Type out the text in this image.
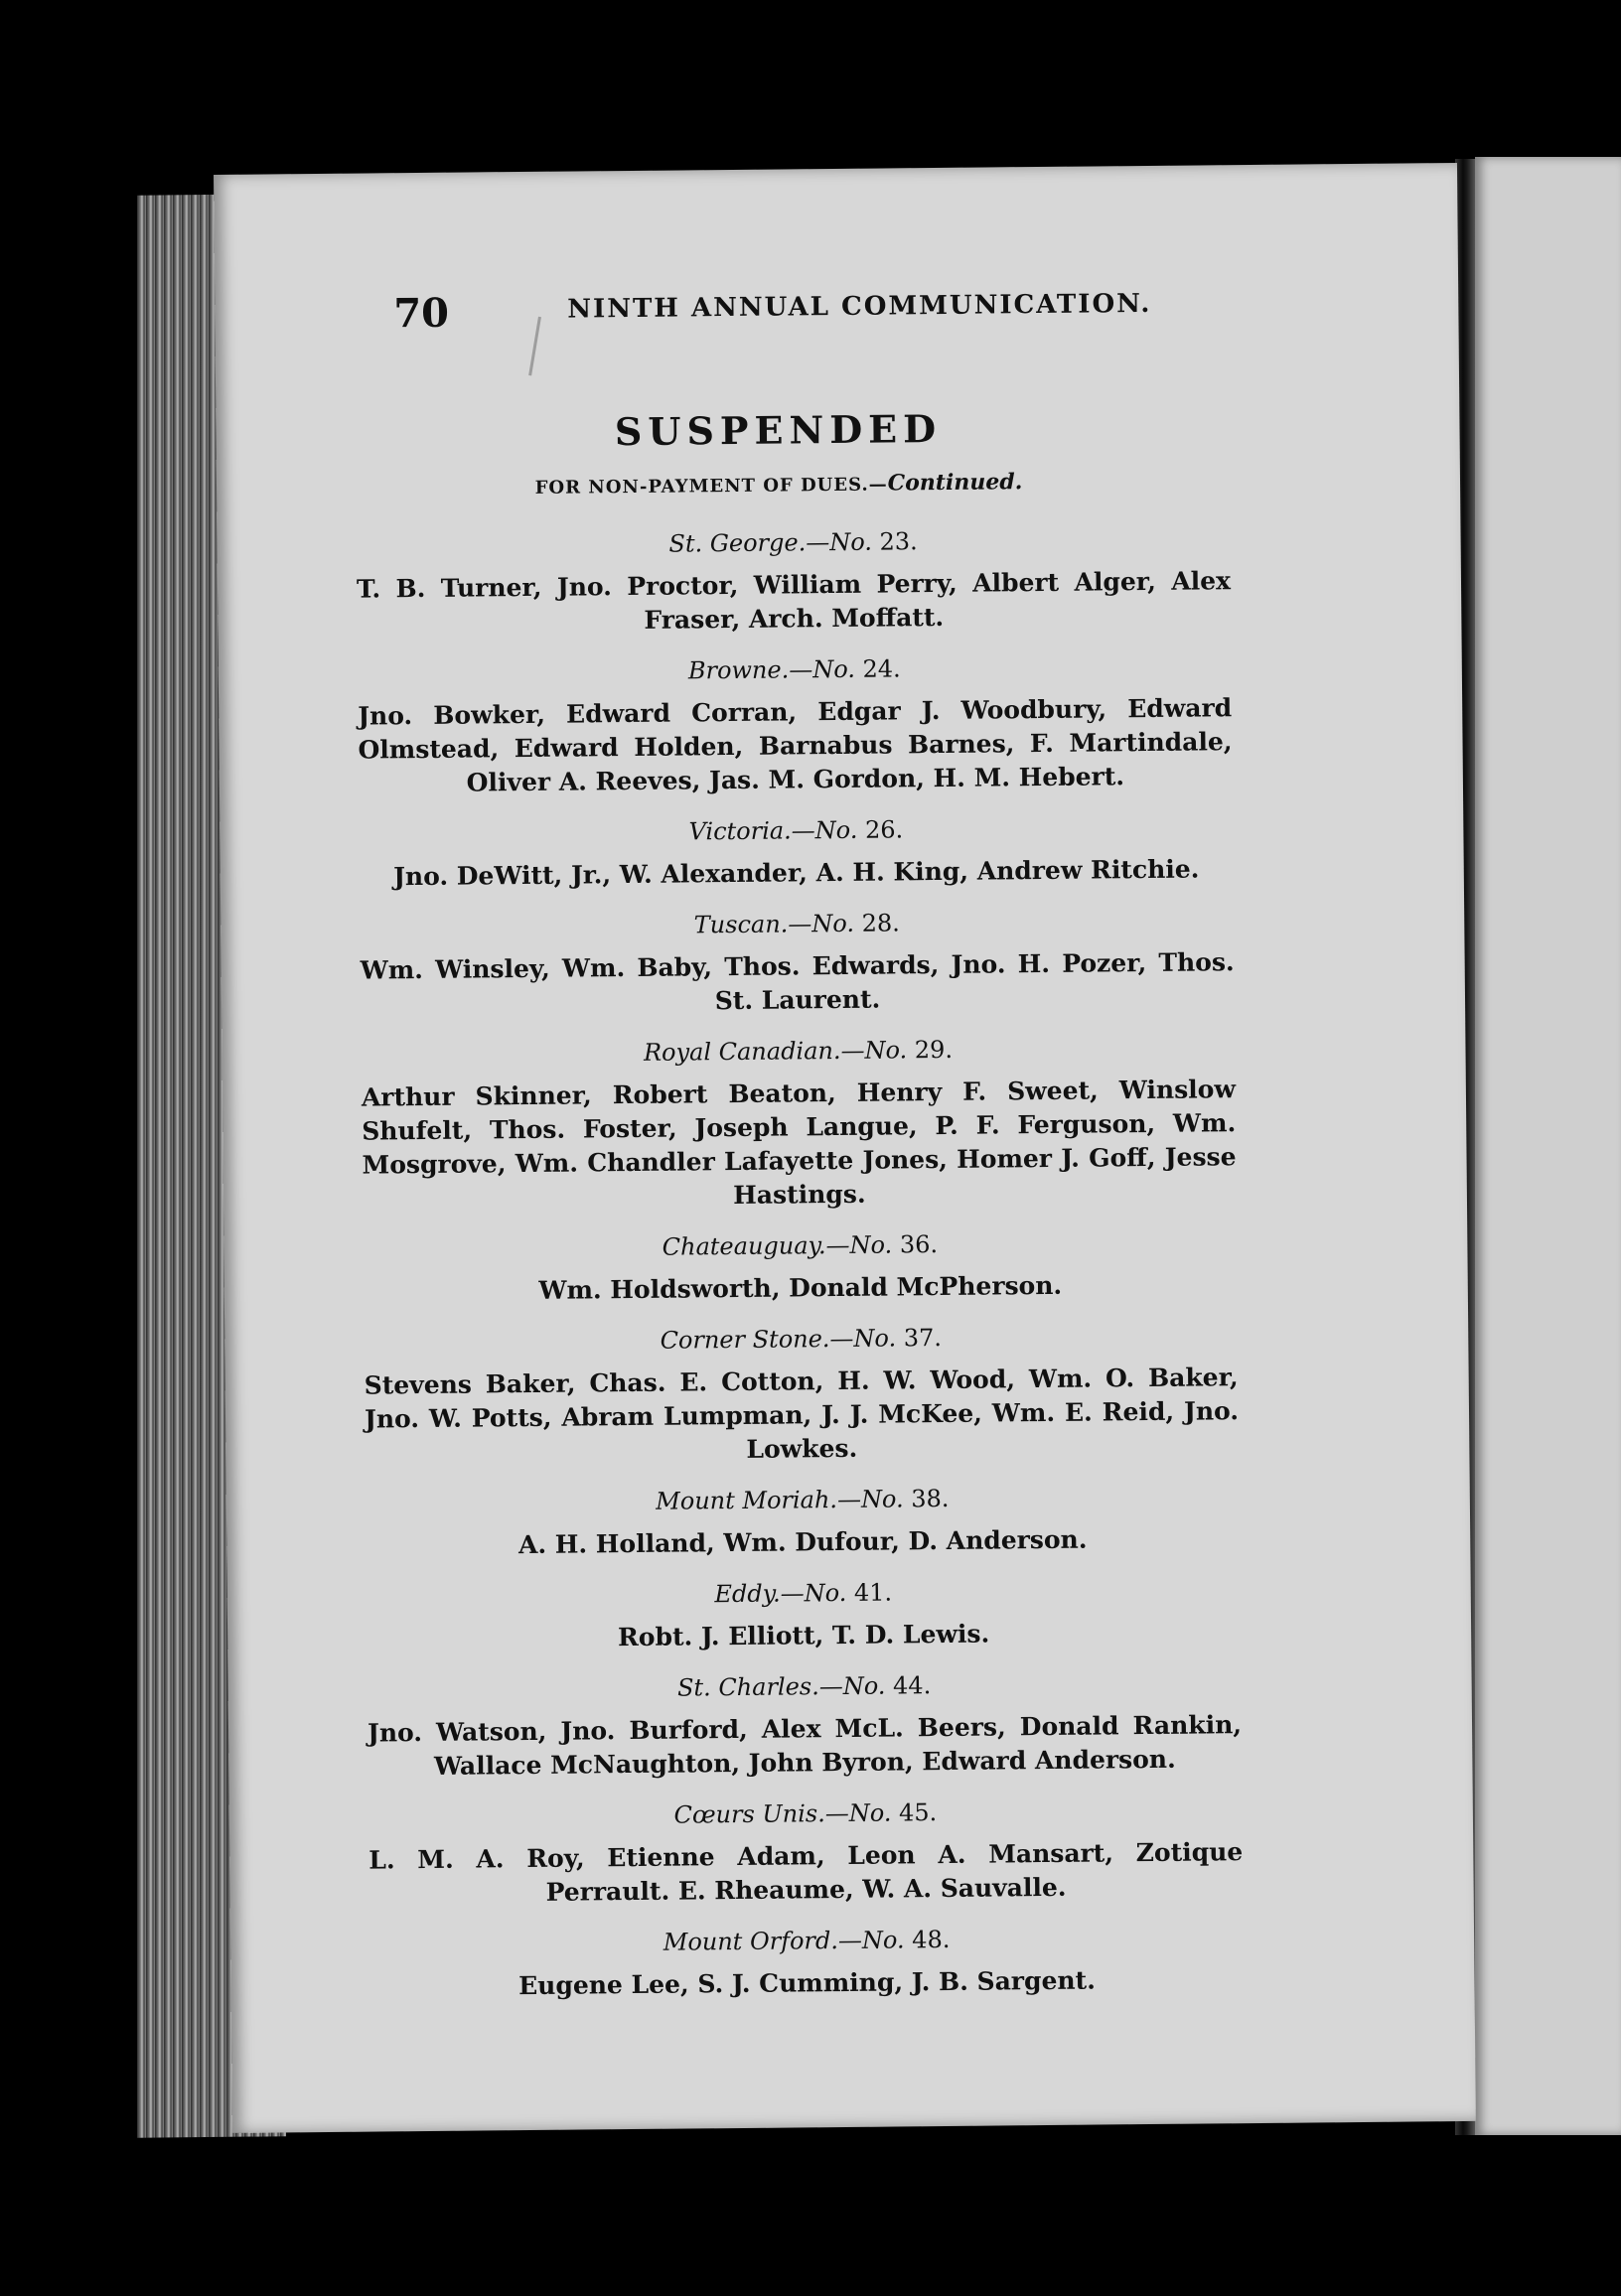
70	NINTH ANNUAL COMMUNICATION.
SUSPENDED
FOR NON-PAYMENT OF DUES.—Continued.
St. George.—No. 23.

T. B. Turner, Jno. Proctor, William Perry, Albert Alger, Alex Fraser, Arch. Moffatt.

Browne.—No. 24.

Jno. Bowker, Edward Corran, Edgar J. Woodbury, Edward Olmstead, Edward Holden, Barnabus Barnes, F. Martindale, Oliver A. Reeves, Jas. M. Gordon, H. M. Hebert.

Victoria.—No. 26.

Jno. DeWitt, Jr., W. Alexander, A. H. King, Andrew Ritchie.

Tuscan.—No. 28.

Wm. Winsley, Wm. Baby, Thos. Edwards, Jno. H. Pozer, Thos. St. Laurent.

Royal Canadian.—No. 29.

Arthur Skinner, Robert Beaton, Henry F. Sweet, Winslow Shufelt, Thos. Foster, Joseph Langue, P. F. Ferguson, Wm. Mosgrove, Wm. Chandler Lafayette Jones, Homer J. Goff, Jesse Hastings.

Chateauguay.—No. 36.

Wm. Holdsworth, Donald McPherson.

Corner Stone.—No. 37.

Stevens Baker, Chas. E. Cotton, H. W. Wood, Wm. O. Baker, Jno. W. Potts, Abram Lumpman, J. J. McKee, Wm. E. Reid, Jno. Lowkes.

Mount Moriah.—No. 38.

A. H. Holland, Wm. Dufour, D. Anderson.

Eddy.—No. 41.

Robt. J. Elliott, T. D. Lewis.

St. Charles.—No. 44.

Jno. Watson, Jno. Burford, Alex McL. Beers, Donald Rankin, Wallace McNaughton, John Byron, Edward Anderson.

Cœurs Unis.—No. 45.

L. M. A. Roy, Etienne Adam, Leon A. Mansart, Zotique Perrault. E. Rheaume, W. A. Sauvalle.

Mount Orford.—No. 48.

Eugene Lee, S. J. Cumming, J. B. Sargent.
